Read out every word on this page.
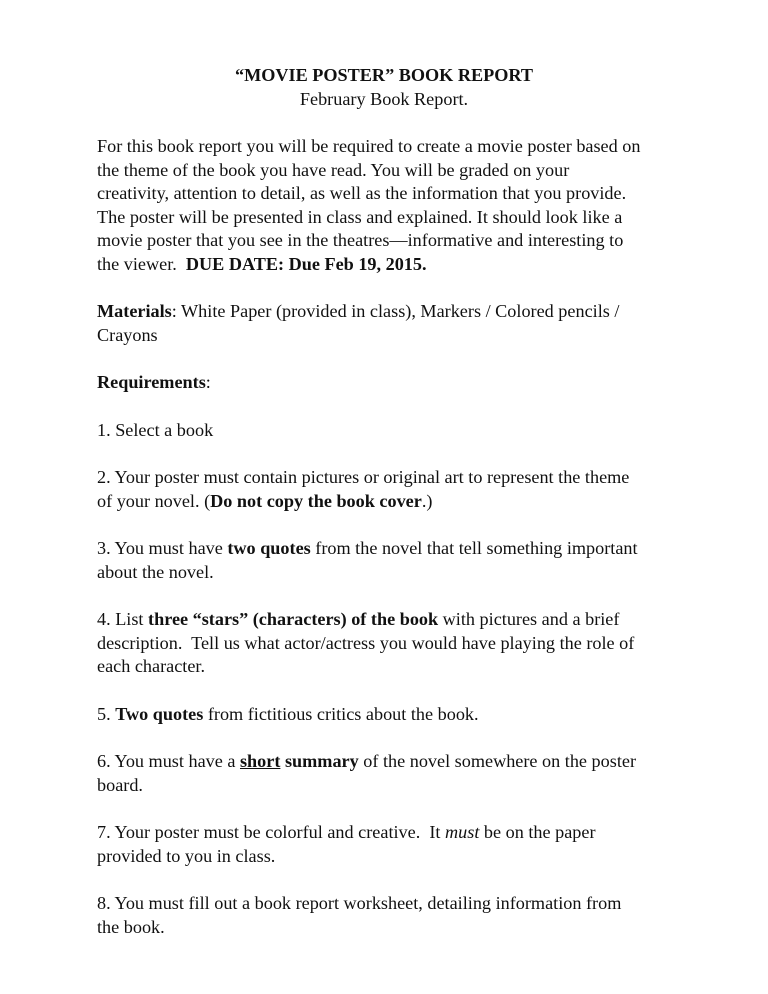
“MOVIE POSTER” BOOK REPORT

February Book Report.

For this book report you will be required to create a movie poster based on
the theme of the book you have read. You will be graded on your
creativity, attention to detail, as well as the information that you provide.
The poster will be presented in class and explained. It should look like a
movie poster that you see in the theatres—informative and interesting to
the viewer.  DUE DATE: Due Feb 19, 2015.

Materials: White Paper (provided in class), Markers / Colored pencils /
Crayons

Requirements:

1. Select a book

2. Your poster must contain pictures or original art to represent the theme
of your novel. (Do not copy the book cover.)

3. You must have two quotes from the novel that tell something important
about the novel.

4. List three “stars” (characters) of the book with pictures and a brief
description.  Tell us what actor/actress you would have playing the role of
each character.

5. Two quotes from fictitious critics about the book.

6. You must have a short summary of the novel somewhere on the poster
board.

7. Your poster must be colorful and creative.  It must be on the paper
provided to you in class.

8. You must fill out a book report worksheet, detailing information from
the book.
